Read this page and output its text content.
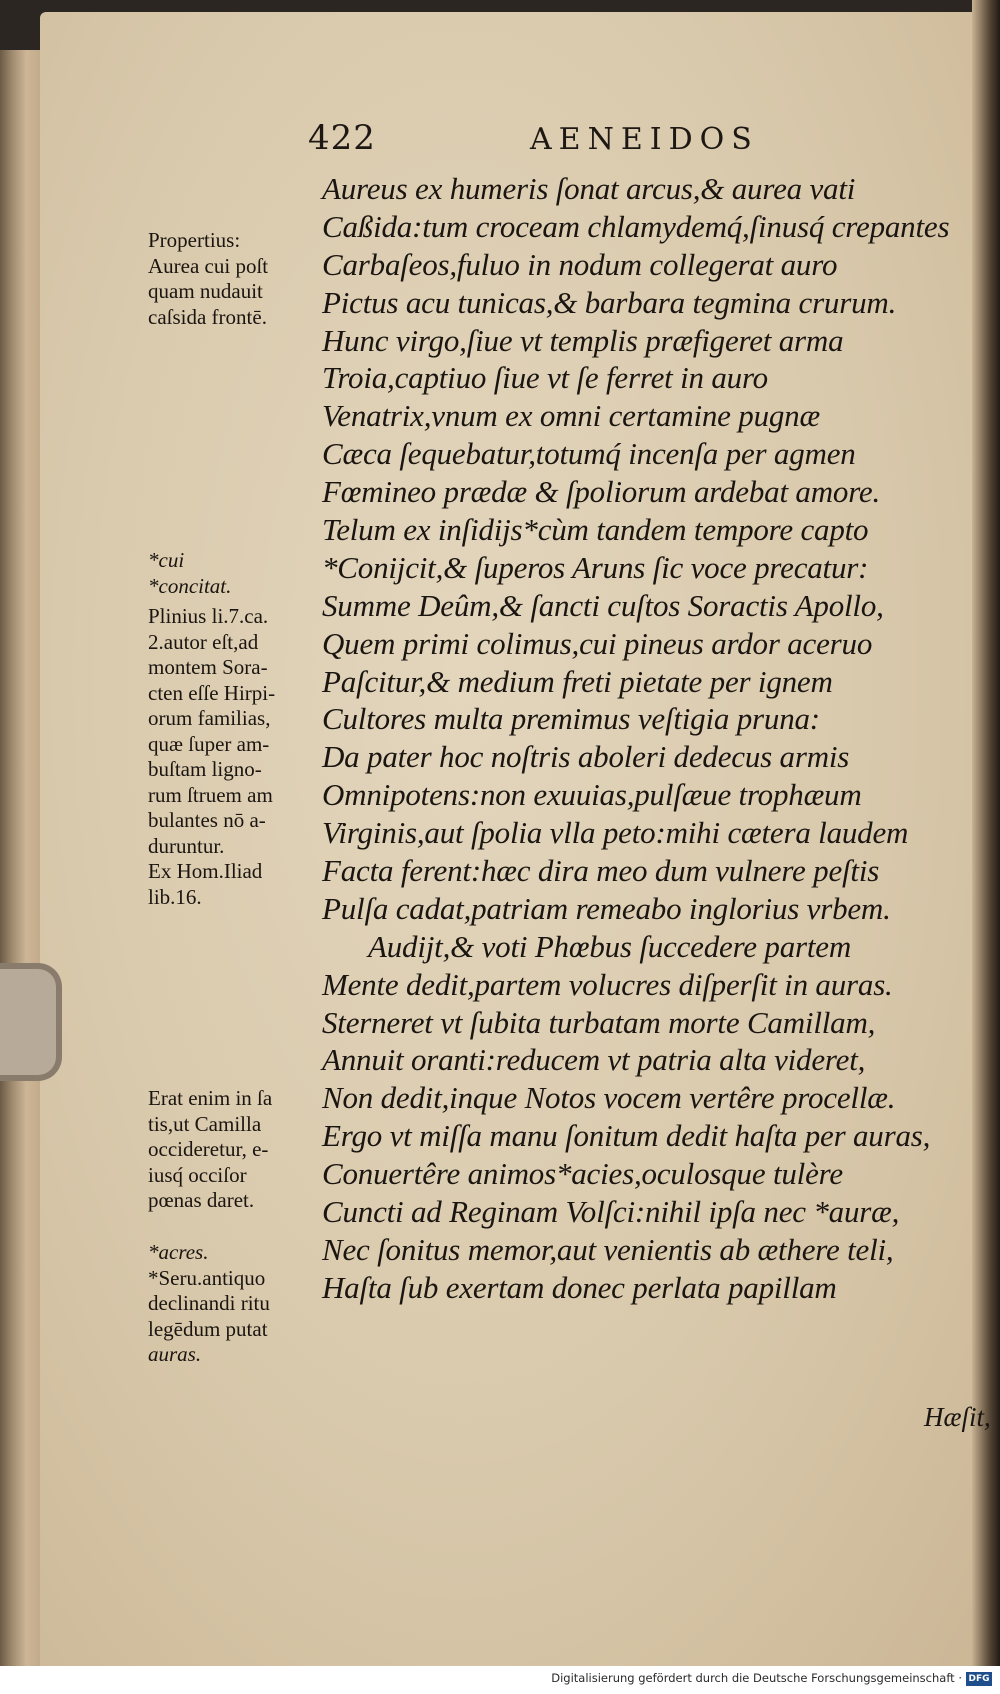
422	AENEIDOS
Aureus ex humeris ſonat arcus,& aurea vati
Caßida:tum croceam chlamydemq́,ſinusq́ crepantes
Carbaſeos,fuluo in nodum collegerat auro
Pictus acu tunicas,& barbara tegmina crurum.
Hunc virgo,ſiue vt templis præfigeret arma
Troia,captiuo ſiue vt ſe ferret in auro
Venatrix,vnum ex omni certamine pugnæ
Cæca ſequebatur,totumq́ incenſa per agmen
Fœmineo prædæ & ſpoliorum ardebat amore.
Telum ex inſidijs*cùm tandem tempore capto
*Conijcit,& ſuperos Aruns ſic voce precatur:
Summe Deûm,& ſancti cuſtos Soractis Apollo,
Quem primi colimus,cui pineus ardor aceruo
Paſcitur,& medium freti pietate per ignem
Cultores multa premimus veſtigia pruna:
Da pater hoc noſtris aboleri dedecus armis
Omnipotens:non exuuias,pulſæue trophæum
Virginis,aut ſpolia vlla peto:mihi cætera laudem
Facta ferent:hæc dira meo dum vulnere peſtis
Pulſa cadat,patriam remeabo inglorius vrbem.
Audijt,& voti Phœbus ſuccedere partem
Mente dedit,partem volucres diſperſit in auras.
Sterneret vt ſubita turbatam morte Camillam,
Annuit oranti:reducem vt patria alta videret,
Non dedit,inque Notos vocem vertêre procellæ.
Ergo vt miſſa manu ſonitum dedit haſta per auras,
Conuertêre animos*acies,oculosque tulère
Cuncti ad Reginam Volſci:nihil ipſa nec *auræ,
Nec ſonitus memor,aut venientis ab æthere teli,
Haſta ſub exertam donec perlata papillam
Propertius:
Aurea cui poſt
quam nudauit
caſsida frontē.
*cui
*concitat.
Plinius li.7.ca.
2.autor eſt,ad
montem Sora-
cten eſſe Hirpi-
orum familias,
quæ ſuper am-
buſtam ligno-
rum ſtruem am
bulantes nō a-
duruntur.
Ex Hom.Iliad
lib.16.
Erat enim in ſa
tis,ut Camilla
occideretur, e-
iusq́ occiſor
pœnas daret.
*acres.
*Seru.antiquo
declinandi ritu
legēdum putat
auras.
Hæſit,
Digitalisierung gefördert durch die Deutsche Forschungsgemeinschaft · DFG
